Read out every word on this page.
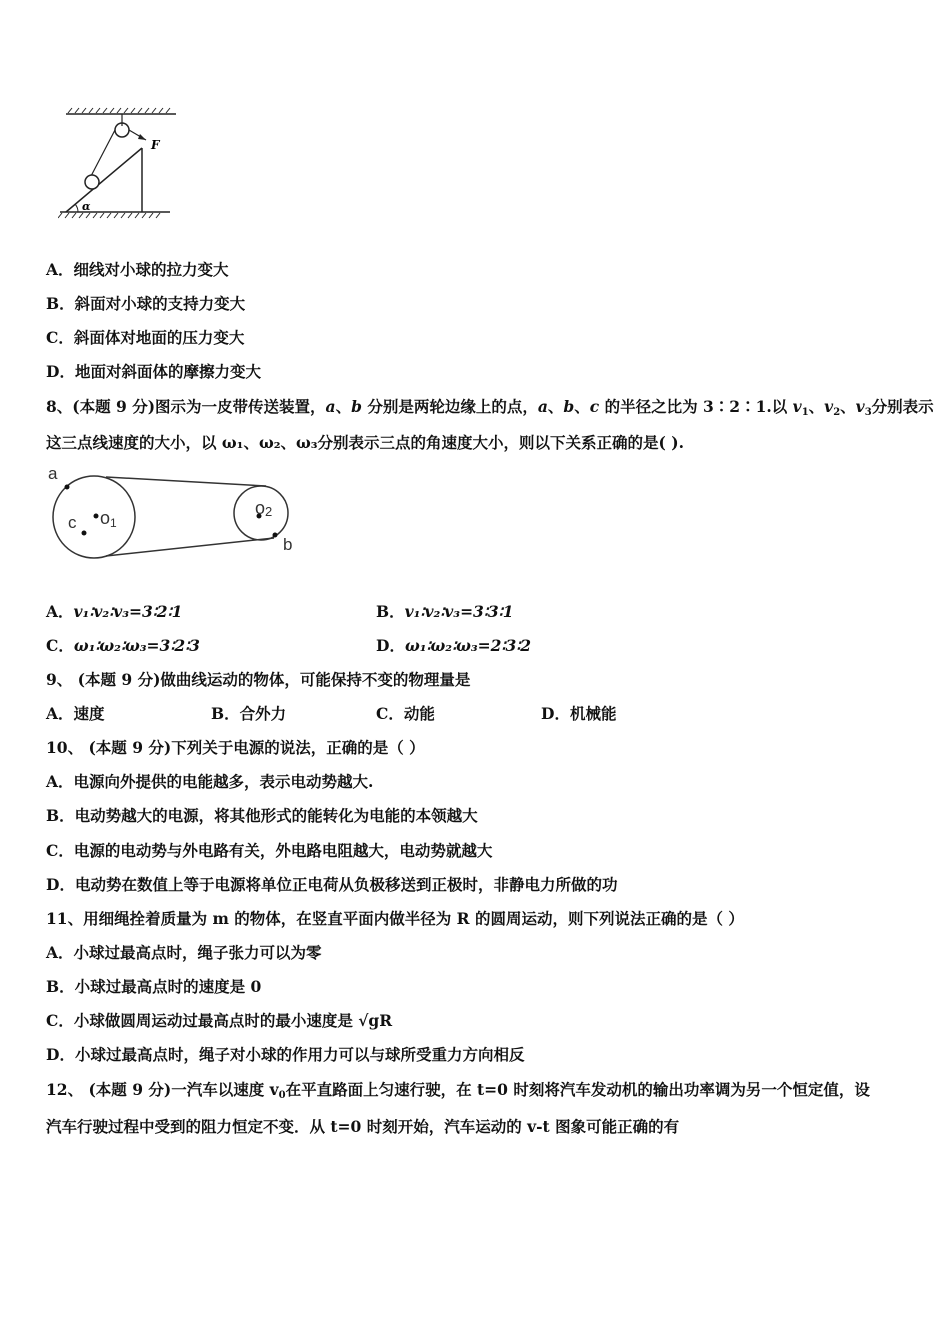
F
α
A．细线对小球的拉力变大
B．斜面对小球的支持力变大
C．斜面体对地面的压力变大
D．地面对斜面体的摩擦力变大
8、(本题 9 分)图示为一皮带传送装置，a、b 分别是两轮边缘上的点，a、b、c 的半径之比为 3∶2∶1.以 $v_1$、$v_2$、$v_3$分别表示
这三点线速度的大小，以 ω₁、ω₂、ω₃分别表示三点的角速度大小，则以下关系正确的是( ).
a
c o1
o2
b
A．v₁∶v₂∶v₃=3∶2∶1	B．v₁∶v₂∶v₃=3∶3∶1
C．ω₁∶ω₂∶ω₃=3∶2∶3	D．ω₁∶ω₂∶ω₃=2∶3∶2
9、 (本题 9 分)做曲线运动的物体，可能保持不变的物理量是
A．速度	B．合外力	C．动能	D．机械能
10、 (本题 9 分)下列关于电源的说法，正确的是（ ）
A．电源向外提供的电能越多，表示电动势越大.
B．电动势越大的电源，将其他形式的能转化为电能的本领越大
C．电源的电动势与外电路有关，外电路电阻越大，电动势就越大
D．电动势在数值上等于电源将单位正电荷从负极移送到正极时，非静电力所做的功
11、用细绳拴着质量为 m 的物体，在竖直平面内做半径为 R 的圆周运动，则下列说法正确的是（ ）
A．小球过最高点时，绳子张力可以为零
B．小球过最高点时的速度是 0
C．小球做圆周运动过最高点时的最小速度是 √gR
D．小球过最高点时，绳子对小球的作用力可以与球所受重力方向相反
12、 (本题 9 分)一汽车以速度 $v_0$在平直路面上匀速行驶，在 t=0 时刻将汽车发动机的输出功率调为另一个恒定值，设
汽车行驶过程中受到的阻力恒定不变．从 t=0 时刻开始，汽车运动的 v-t 图象可能正确的有
